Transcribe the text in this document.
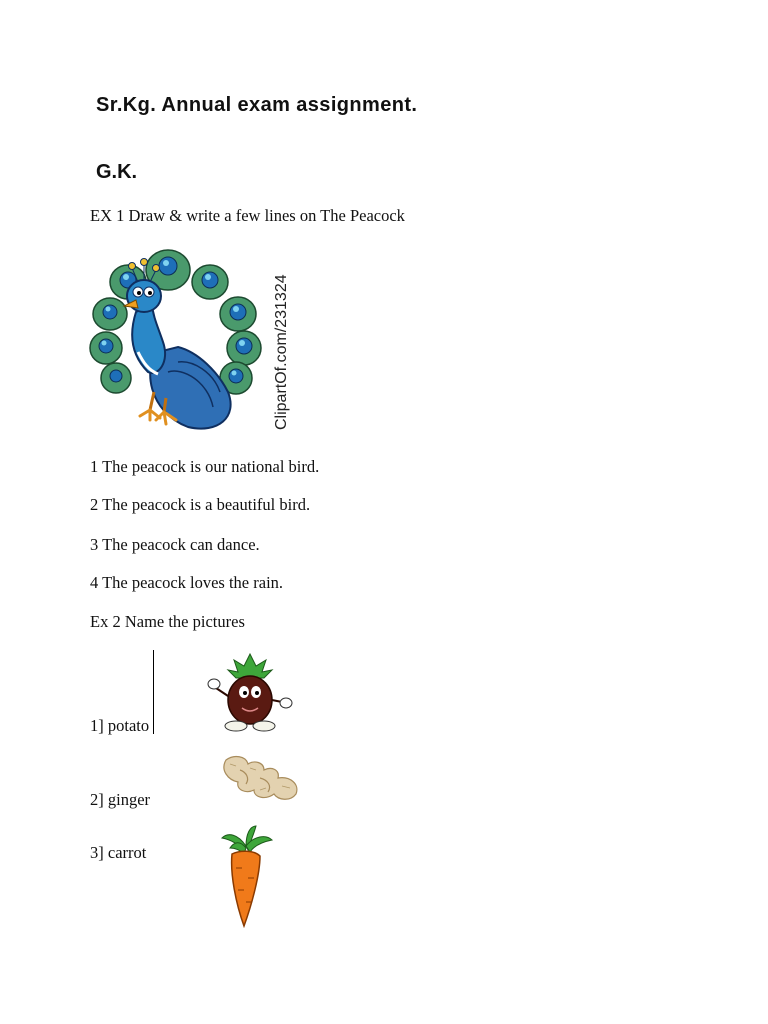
Sr.Kg. Annual exam assignment.
G.K.
EX 1 Draw & write a few lines on The Peacock
ClipartOf.com/231324
1 The peacock is our national bird.
2 The peacock is a beautiful bird.
3 The peacock can dance.
4 The peacock loves the rain.
Ex 2 Name the pictures
1] potato
2] ginger
3] carrot
